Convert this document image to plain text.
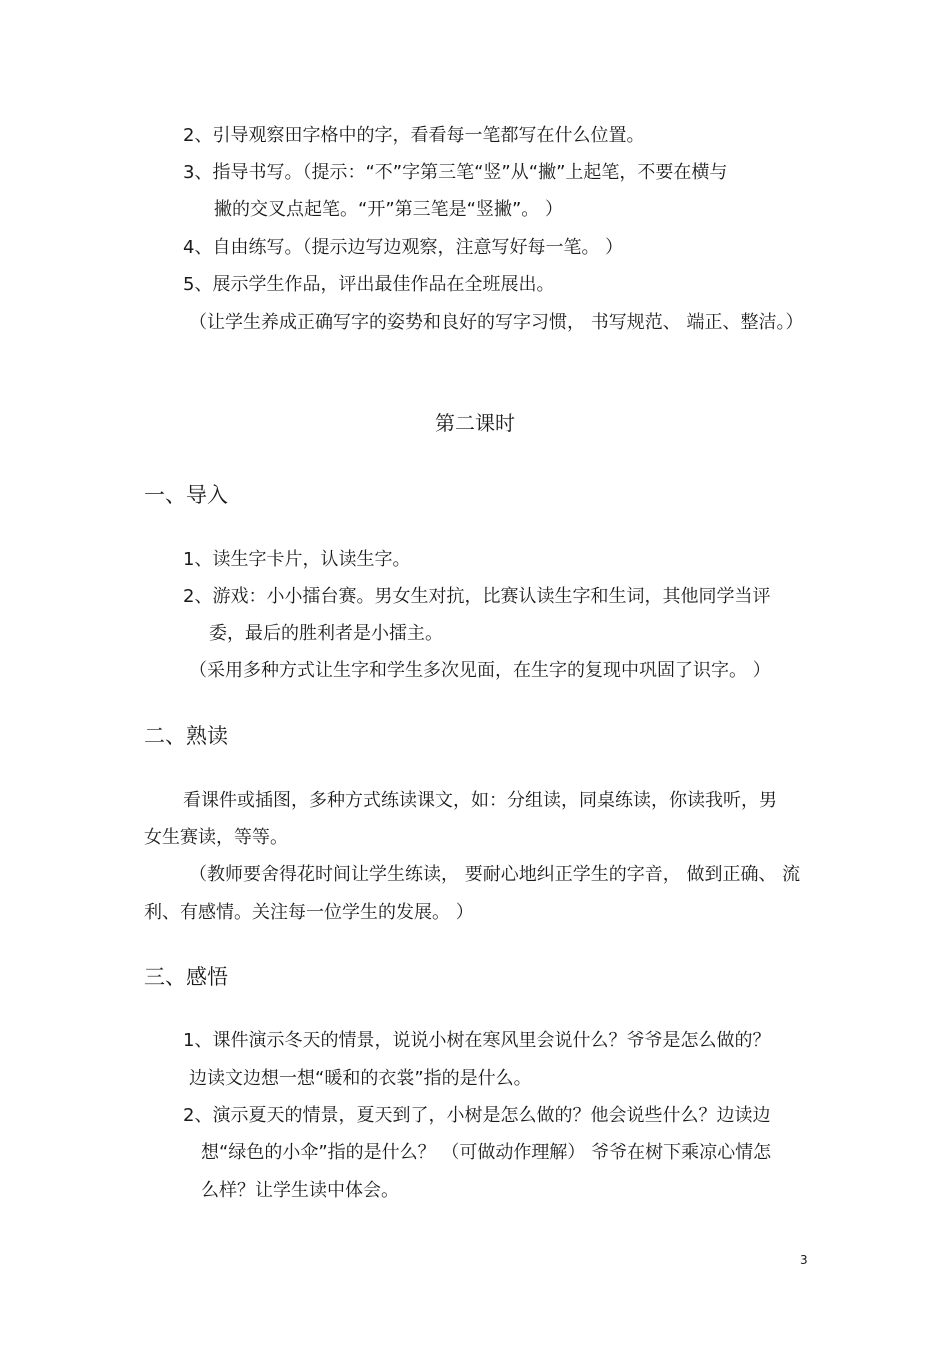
2、引导观察田字格中的字，看看每一笔都写在什么位置。
3、指导书写。（提示：“不”字第三笔“竖”从“撇”上起笔，不要在横与
撇的交叉点起笔。“开”第三笔是“竖撇”。 ）
4、自由练写。（提示边写边观察，注意写好每一笔。 ）
5、展示学生作品，评出最佳作品在全班展出。
（让学生养成正确写字的姿势和良好的写字习惯， 书写规范、 端正、整洁。）
第二课时
一、导入
1、读生字卡片，认读生字。
2、游戏：小小擂台赛。男女生对抗，比赛认读生字和生词，其他同学当评
委，最后的胜利者是小擂主。
（采用多种方式让生字和学生多次见面，在生字的复现中巩固了识字。 ）
二、熟读
看课件或插图，多种方式练读课文，如：分组读，同桌练读，你读我听，男
女生赛读，等等。
（教师要舍得花时间让学生练读， 要耐心地纠正学生的字音， 做到正确、 流
利、有感情。关注每一位学生的发展。 ）
三、感悟
1、课件演示冬天的情景，说说小树在寒风里会说什么？爷爷是怎么做的？
边读文边想一想“暖和的衣裳”指的是什么。
2、演示夏天的情景，夏天到了，小树是怎么做的？他会说些什么？边读边
想“绿色的小伞”指的是什么？ （可做动作理解） 爷爷在树下乘凉心情怎
么样？让学生读中体会。
3
